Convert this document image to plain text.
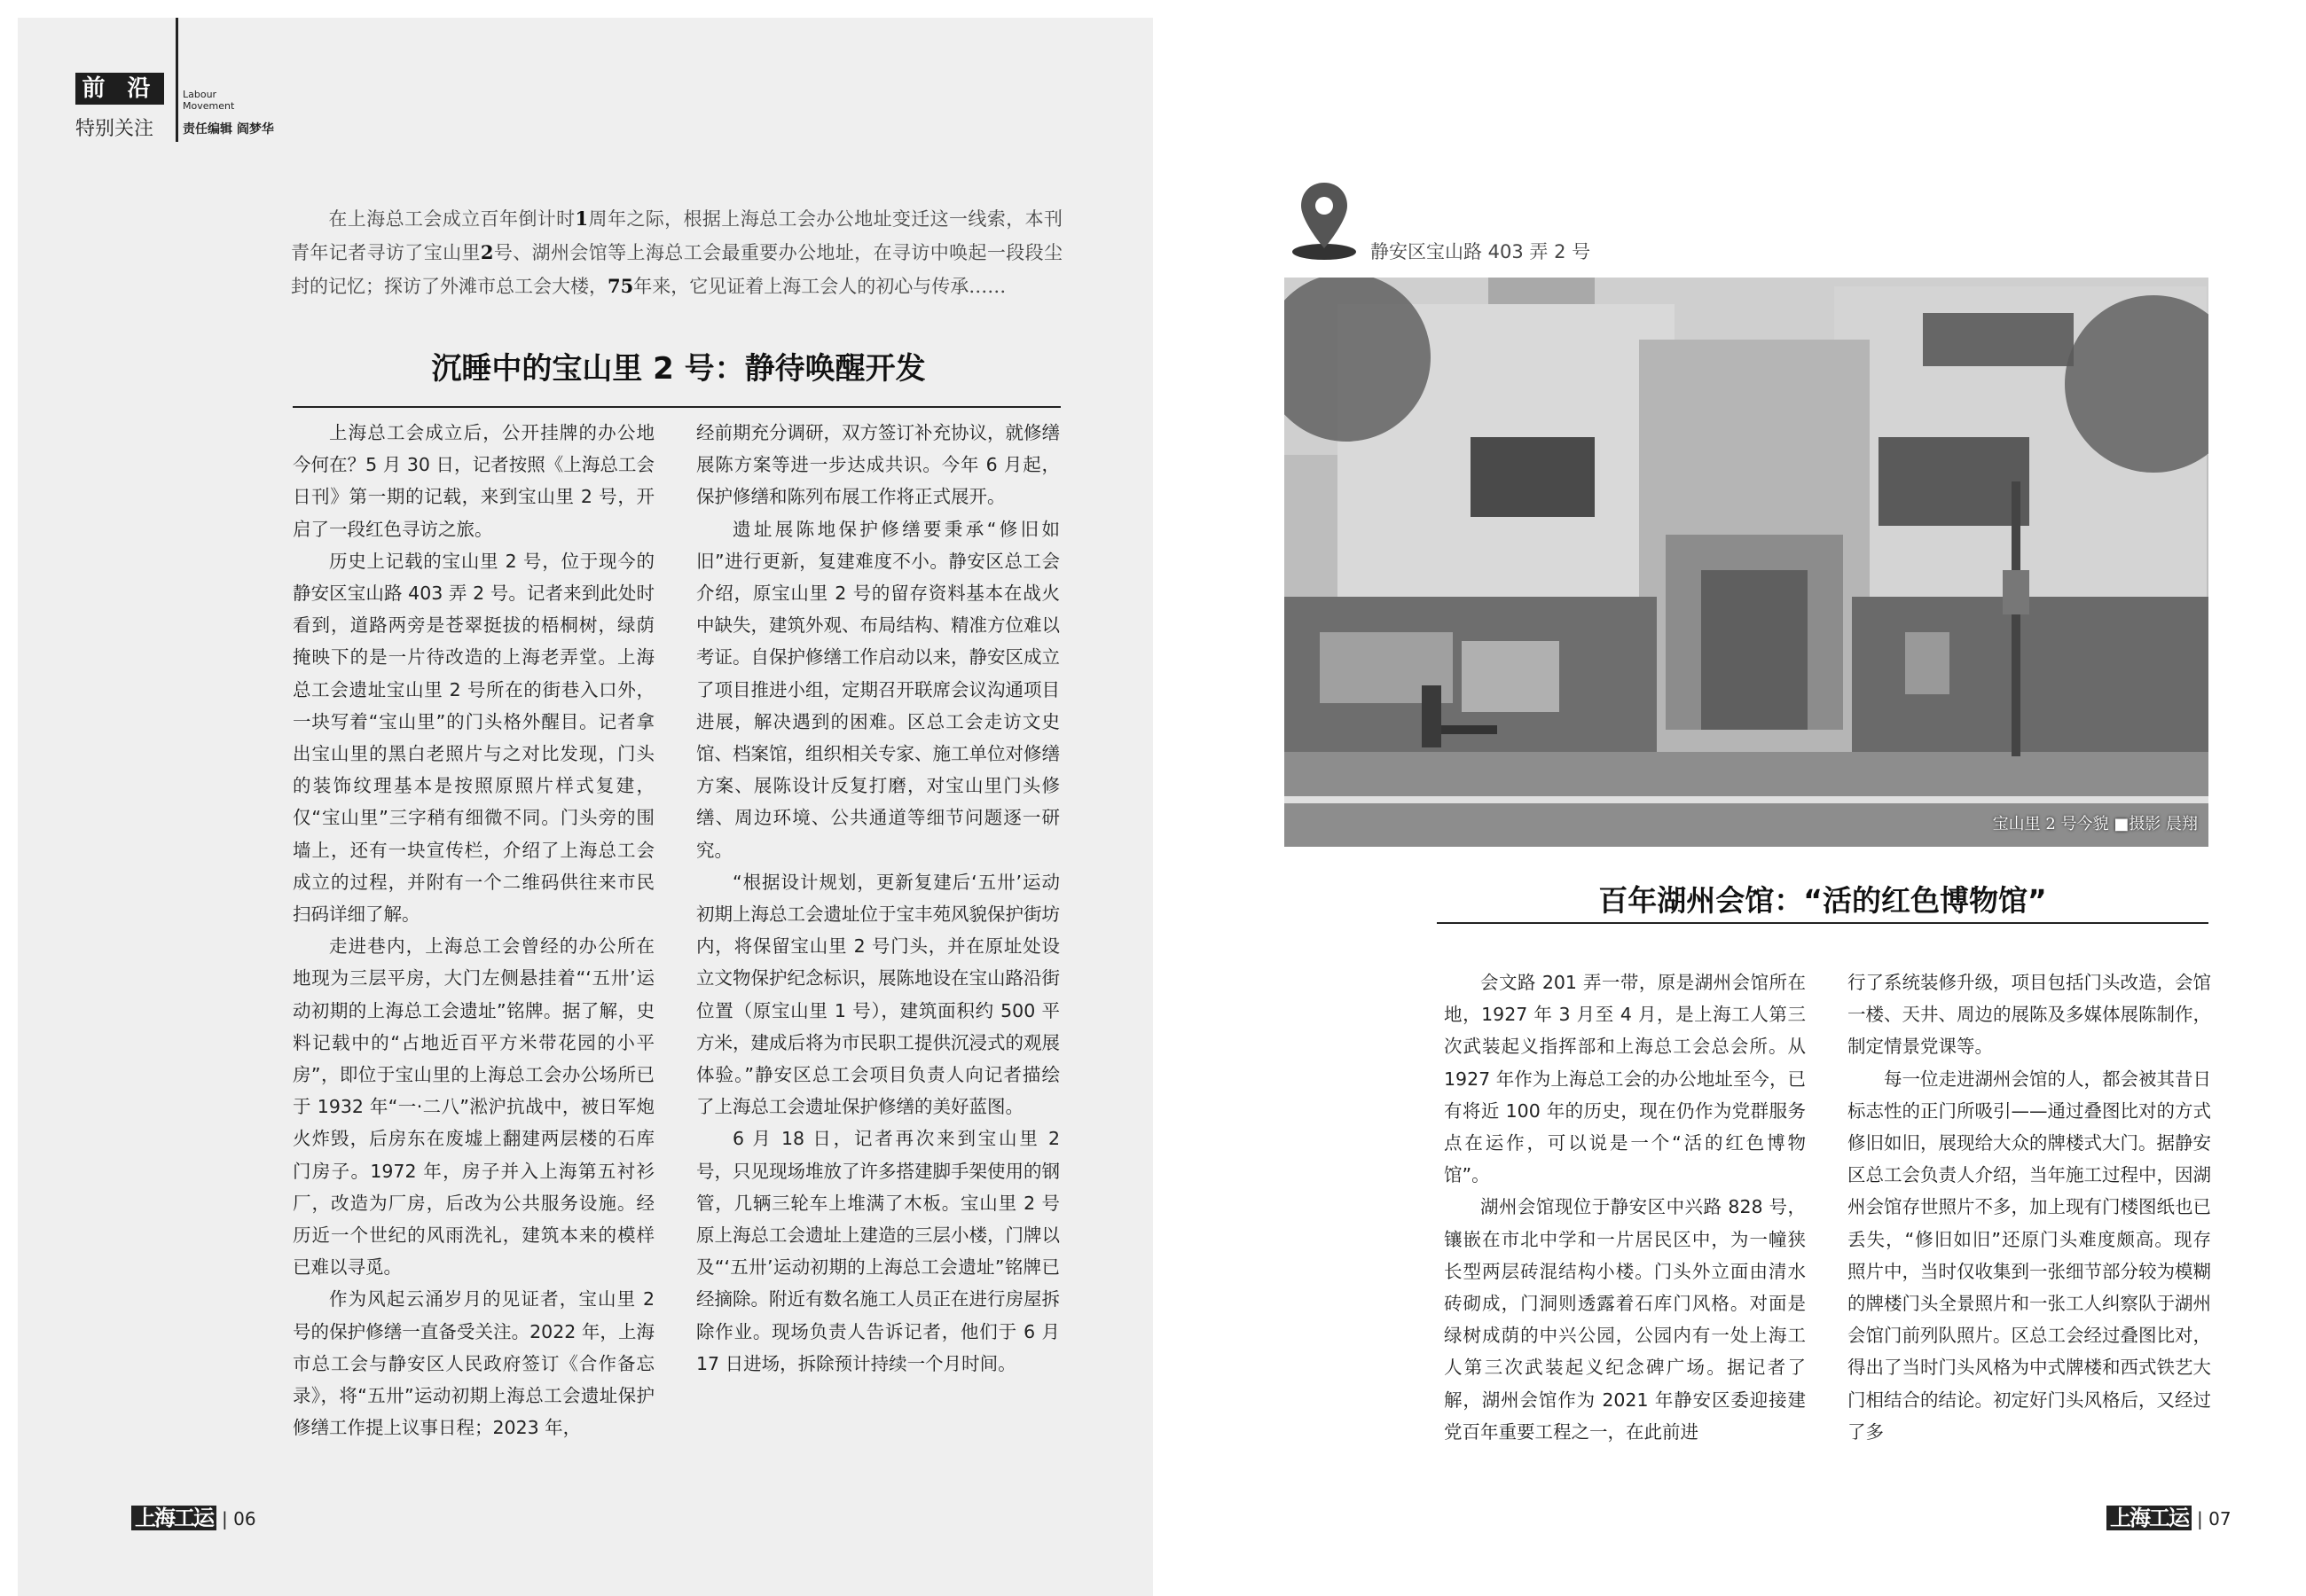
前 沿
特别关注
Labour
Movement
责任编辑 阎梦华
在上海总工会成立百年倒计时1周年之际，根据上海总工会办公地址变迁这一线索，本刊青年记者寻访了宝山里2号、湖州会馆等上海总工会最重要办公地址，在寻访中唤起一段段尘封的记忆；探访了外滩市总工会大楼，75年来，它见证着上海工会人的初心与传承……
沉睡中的宝山里 2 号：静待唤醒开发

上海总工会成立后，公开挂牌的办公地今何在？5 月 30 日，记者按照《上海总工会日刊》第一期的记载，来到宝山里 2 号，开启了一段红色寻访之旅。

历史上记载的宝山里 2 号，位于现今的静安区宝山路 403 弄 2 号。记者来到此处时看到，道路两旁是苍翠挺拔的梧桐树，绿荫掩映下的是一片待改造的上海老弄堂。上海总工会遗址宝山里 2 号所在的街巷入口外，一块写着“宝山里”的门头格外醒目。记者拿出宝山里的黑白老照片与之对比发现，门头的装饰纹理基本是按照原照片样式复建，仅“宝山里”三字稍有细微不同。门头旁的围墙上，还有一块宣传栏，介绍了上海总工会成立的过程，并附有一个二维码供往来市民扫码详细了解。

走进巷内，上海总工会曾经的办公所在地现为三层平房，大门左侧悬挂着“‘五卅’运动初期的上海总工会遗址”铭牌。据了解，史料记载中的“占地近百平方米带花园的小平房”，即位于宝山里的上海总工会办公场所已于 1932 年“一·二八”淞沪抗战中，被日军炮火炸毁，后房东在废墟上翻建两层楼的石库门房子。1972 年，房子并入上海第五衬衫厂，改造为厂房，后改为公共服务设施。经历近一个世纪的风雨洗礼，建筑本来的模样已难以寻觅。

作为风起云涌岁月的见证者，宝山里 2 号的保护修缮一直备受关注。2022 年，上海市总工会与静安区人民政府签订《合作备忘录》，将“五卅”运动初期上海总工会遗址保护修缮工作提上议事日程；2023 年，

经前期充分调研，双方签订补充协议，就修缮展陈方案等进一步达成共识。今年 6 月起，保护修缮和陈列布展工作将正式展开。

遗址展陈地保护修缮要秉承“修旧如旧”进行更新，复建难度不小。静安区总工会介绍，原宝山里 2 号的留存资料基本在战火中缺失，建筑外观、布局结构、精准方位难以考证。自保护修缮工作启动以来，静安区成立了项目推进小组，定期召开联席会议沟通项目进展，解决遇到的困难。区总工会走访文史馆、档案馆，组织相关专家、施工单位对修缮方案、展陈设计反复打磨，对宝山里门头修缮、周边环境、公共通道等细节问题逐一研究。

“根据设计规划，更新复建后‘五卅’运动初期上海总工会遗址位于宝丰苑风貌保护街坊内，将保留宝山里 2 号门头，并在原址处设立文物保护纪念标识，展陈地设在宝山路沿街位置（原宝山里 1 号），建筑面积约 500 平方米，建成后将为市民职工提供沉浸式的观展体验。”静安区总工会项目负责人向记者描绘了上海总工会遗址保护修缮的美好蓝图。

6 月 18 日，记者再次来到宝山里 2 号，只见现场堆放了许多搭建脚手架使用的钢管，几辆三轮车上堆满了木板。宝山里 2 号原上海总工会遗址上建造的三层小楼，门牌以及“‘五卅’运动初期的上海总工会遗址”铭牌已经摘除。附近有数名施工人员正在进行房屋拆除作业。现场负责人告诉记者，他们于 6 月 17 日进场，拆除预计持续一个月时间。

上海工运 | 06
静安区宝山路 403 弄 2 号
宝山里 2 号今貌 ■摄影 晨翔
百年湖州会馆：“活的红色博物馆”

会文路 201 弄一带，原是湖州会馆所在地，1927 年 3 月至 4 月，是上海工人第三次武装起义指挥部和上海总工会总会所。从 1927 年作为上海总工会的办公地址至今，已有将近 100 年的历史，现在仍作为党群服务点在运作，可以说是一个“活的红色博物馆”。

湖州会馆现位于静安区中兴路 828 号，镶嵌在市北中学和一片居民区中，为一幢狭长型两层砖混结构小楼。门头外立面由清水砖砌成，门洞则透露着石库门风格。对面是绿树成荫的中兴公园，公园内有一处上海工人第三次武装起义纪念碑广场。据记者了解，湖州会馆作为 2021 年静安区委迎接建党百年重要工程之一，在此前进

行了系统装修升级，项目包括门头改造，会馆一楼、天井、周边的展陈及多媒体展陈制作，制定情景党课等。

每一位走进湖州会馆的人，都会被其昔日标志性的正门所吸引——通过叠图比对的方式修旧如旧，展现给大众的牌楼式大门。据静安区总工会负责人介绍，当年施工过程中，因湖州会馆存世照片不多，加上现有门楼图纸也已丢失，“修旧如旧”还原门头难度颇高。现存照片中，当时仅收集到一张细节部分较为模糊的牌楼门头全景照片和一张工人纠察队于湖州会馆门前列队照片。区总工会经过叠图比对，得出了当时门头风格为中式牌楼和西式铁艺大门相结合的结论。初定好门头风格后，又经过了多

上海工运 | 07
